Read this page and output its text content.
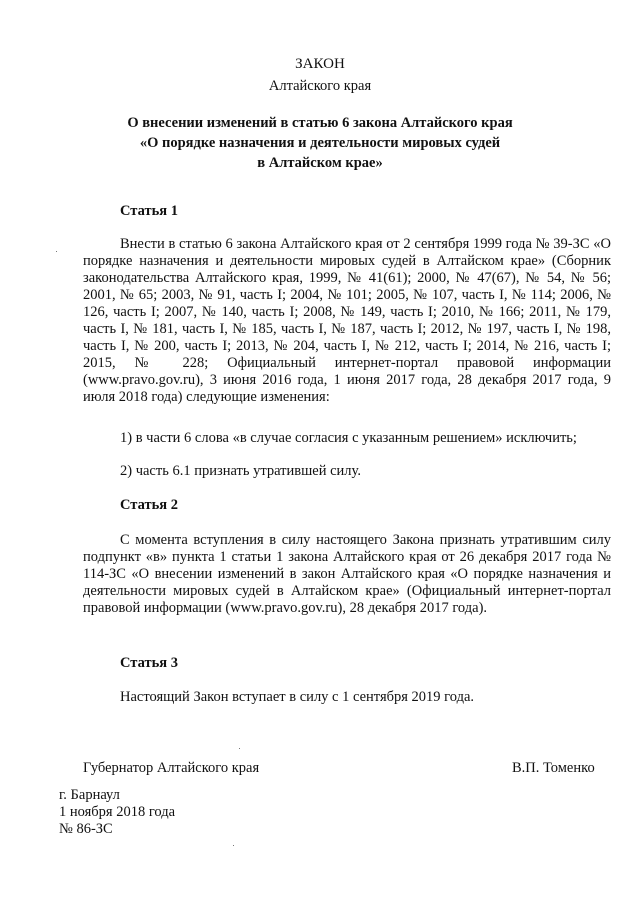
ЗАКОН
Алтайского края
О внесении изменений в статью 6 закона Алтайского края
«О порядке назначения и деятельности мировых судей
в Алтайском крае»
Статья 1
Внести в статью 6 закона Алтайского края от 2 сентября 1999 года № 39-ЗС «О порядке назначения и деятельности мировых судей в Алтайском крае» (Сборник законодательства Алтайского края, 1999, № 41(61); 2000, № 47(67), № 54, № 56; 2001, № 65; 2003, № 91, часть I; 2004, № 101; 2005, № 107, часть I, № 114; 2006, № 126, часть I; 2007, № 140, часть I; 2008, № 149, часть I; 2010, № 166; 2011, № 179, часть I, № 181, часть I, № 185, часть I, № 187, часть I; 2012, № 197, часть I, № 198, часть I, № 200, часть I; 2013, № 204, часть I, № 212, часть I; 2014, № 216, часть I; 2015, № 228; Официальный интернет-портал правовой информации (www.pravo.gov.ru), 3 июня 2016 года, 1 июня 2017 года, 28 декабря 2017 года, 9 июля 2018 года) следующие изменения:
1) в части 6 слова «в случае согласия с указанным решением» исключить;
2) часть 6.1 признать утратившей силу.
Статья 2
С момента вступления в силу настоящего Закона признать утратившим силу подпункт «в» пункта 1 статьи 1 закона Алтайского края от 26 декабря 2017 года № 114-ЗС «О внесении изменений в закон Алтайского края «О порядке назначения и деятельности мировых судей в Алтайском крае» (Официальный интернет-портал правовой информации (www.pravo.gov.ru), 28 декабря 2017 года).
Статья 3
Настоящий Закон вступает в силу с 1 сентября 2019 года.
Губернатор Алтайского края	В.П. Томенко
г. Барнаул
1 ноября 2018 года
№ 86-ЗС
